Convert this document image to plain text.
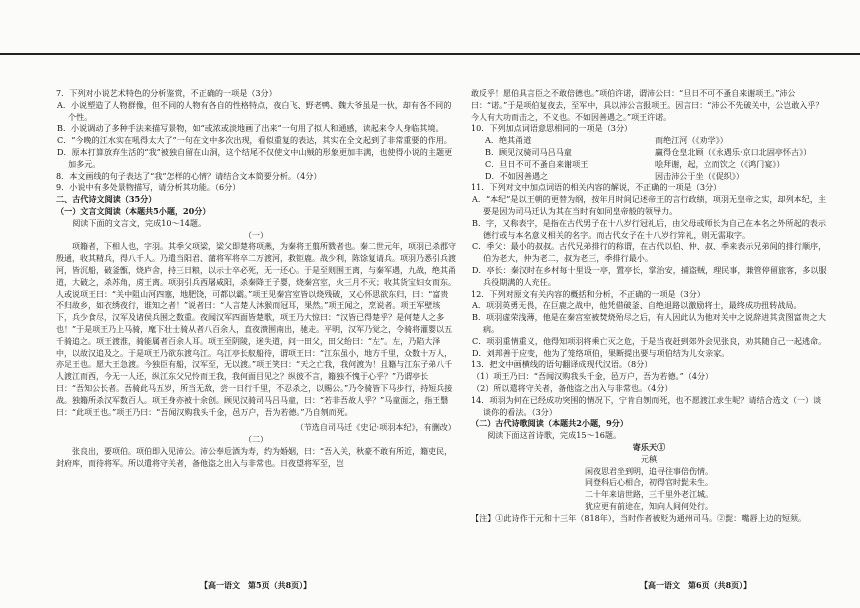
7．下列对小说艺术特色的分析鉴赏，不正确的一项是（3分）

A．小说塑造了人物群像，但不同的人物有各自的性格特点，夜白飞、野老鸭、魏大爷虽是一伙，却有各不同的个性。

B．小说调动了多种手法来描写景物，如“或浓或淡地画了出来”一句用了拟人和通感，读起来令人身临其境。

C．“今晚的江水实在吼得太大了”一句在文中多次出现，看似重复的表达，其实在全文起到了非常重要的作用。

D．原本打算放弃生活的“我”被独自留在山洞，这个结尾不仅使文中山贼的形象更加丰满，也使得小说的主题更加多元。

8．本文画线的句子表达了“我”怎样的心情？请结合文本简要分析。（4分）

9．小说中有多处景物描写，请分析其功能。（6分）

二、古代诗文阅读（35分）

（一）文言文阅读（本题共5小题，20分）

阅读下面的文言文，完成10～14题。

（一）

项籍者，下相人也，字羽。其季父项梁，梁父即楚将项燕，为秦将王翦所戮者也。秦二世元年，项羽已杀郡守殷通，收其精兵，得八千人。乃遣当阳君、蒲将军将卒二万渡河，救钜鹿。战少利，陈馀复请兵。项羽乃悉引兵渡河，皆沉船，破釜甑，烧庐舍，持三日粮，以示士卒必死，无一还心。于是至则围王离，与秦军遇，九战，绝其甬道，大破之，杀苏角，虏王离。项羽引兵西屠咸阳，杀秦降王子婴，烧秦宫室，火三月不灭；收其货宝妇女而东。人或说项王曰：“关中阻山河四塞，地肥饶，可都以霸。”项王见秦宫室皆以烧残破，又心怀思欲东归，曰：“富贵不归故乡，如衣绣夜行，谁知之者！”说者曰：“人言楚人沐猴而冠耳，果然。”项王闻之，烹说者。项王军壁垓下，兵少食尽，汉军及诸侯兵围之数重。夜闻汉军四面皆楚歌，项王乃大惊曰：“汉皆已得楚乎？是何楚人之多也！”于是项王乃上马骑，麾下壮士骑从者八百余人，直夜溃围南出，驰走。平明，汉军乃觉之，令骑将灌婴以五千骑追之。项王渡淮，骑能属者百余人耳。项王至阴陵，迷失道，问一田父，田父绐曰：“左”。左，乃陷大泽中，以故汉追及之。于是项王乃欲东渡乌江。乌江亭长舣船待，谓项王曰：“江东虽小，地方千里，众数十万人，亦足王也。愿大王急渡。今独臣有船，汉军至，无以渡。”项王笑曰：“天之亡我，我何渡为！且籍与江东子弟八千人渡江而西，今无一人还，纵江东父兄怜而王我，我何面目见之？纵彼不言，籍独不愧于心乎？”乃谓亭长曰：“吾知公长者。吾骑此马五岁，所当无敌，尝一日行千里，不忍杀之，以赐公。”乃令骑皆下马步行，持短兵接战。独籍所杀汉军数百人。项王身亦被十余创。顾见汉骑司马吕马童，曰：“若非吾故人乎？”马童面之，指王翳曰：“此项王也。”项王乃曰：“吾闻汉购我头千金，邑万户，吾为若德。”乃自刎而死。

（节选自司马迁《史记·项羽本纪》，有删改）

（二）

张良出，要项伯。项伯即入见沛公。沛公奉卮酒为寿，约为婚姻，曰：“吾入关，秋豪不敢有所近，籍吏民，封府库，而待将军。所以遣将守关者，备他盗之出入与非常也。日夜望将军至，岂

敢反乎！愿伯具言臣之不敢倍德也。”项伯许诺，谓沛公曰：“旦日不可不蚤自来谢项王。”沛公曰：“诺。”于是项伯复夜去，至军中，具以沛公言报项王。因言曰：“沛公不先破关中，公岂敢入乎？今人有大功而击之，不义也。不如因善遇之。”项王许诺。

10．下列加点词语意思相同的一项是（3分）

A．绝其甬道	而绝江河（《劝学》）
B．顾见汉骑司马吕马童	赢得仓皇北顾（《永遇乐·京口北固亭怀古》）
C．旦日不可不蚤自来谢项王	哙拜谢，起，立而饮之（《鸿门宴》）
D．不如因善遇之	因击沛公于坐（《促织》）

11．下列对文中加点词语的相关内容的解说，不正确的一项是（3分）

A．“本纪”是以王朝的更替为纲，按年月时间记述帝王的言行政绩，项羽无皇帝之实，却列本纪，主要是因为司马迁认为其在当时有如同皇帝般的领导力。

B．字，又称表字，是指在古代男子在十八岁行冠礼后，由父母或师长为自己在本名之外所起的表示德行或与本名意义相关的名字。而古代女子在十八岁行笄礼，则无需取字。

C．季父：最小的叔叔。古代兄弟排行的称谓，在古代以伯、仲、叔、季来表示兄弟间的排行顺序，伯为老大，仲为老二，叔为老三，季排行最小。

D．亭长：秦汉时在乡村每十里设一亭，置亭长，掌治安，捕盗贼，理民事，兼管停留旅客，多以服兵役期满的人充任。

12．下列对原文有关内容的概括和分析，不正确的一项是（3分）

A．项羽英勇无畏，在巨鹿之战中，他凭借破釜、自绝退路以激励将士，最终成功扭转战局。

B．项羽虚荣浅薄，他是在秦宫室被焚烧殆尽之后，有人因此认为他对关中之说辞进其贪图富贵之大病。

C．项羽重情重义，他得知项羽将乘亡灭之危，于是当夜赶到郊外会见张良，劝其随自己一起逃命。

D．刘邦善于应变，他为了笼络项伯，果断提出要与项伯结为儿女亲家。

13．把文中画横线的语句翻译成现代汉语。（8分）

（1）项王乃曰：“吾闻汉购我头千金，邑万户，吾为若德。”（4分）

（2）所以遣将守关者，备他盗之出入与非常也。（4分）

14．项羽为何在已经成功突围的情况下，宁肯自刎而死，也不愿渡江求生呢？请结合选文（一）谈谈你的看法。（3分）

（二）古代诗歌阅读（本题共2小题，9分）

阅读下面这首诗歌，完成15～16题。

寄乐天①

元稹

闲夜思君坐到明，追寻往事倍伤情。

同登科后心相合，初得官时髭未生。

二十年来谙世路，三千里外老江城。

犹应更有前途在，知向人间何处行。

【注】①此诗作于元和十三年（818年），当时作者被贬为通州司马。②髭：嘴唇上边的短须。

【高一语文　第5页（共8页）】	【高一语文　第6页（共8页）】
